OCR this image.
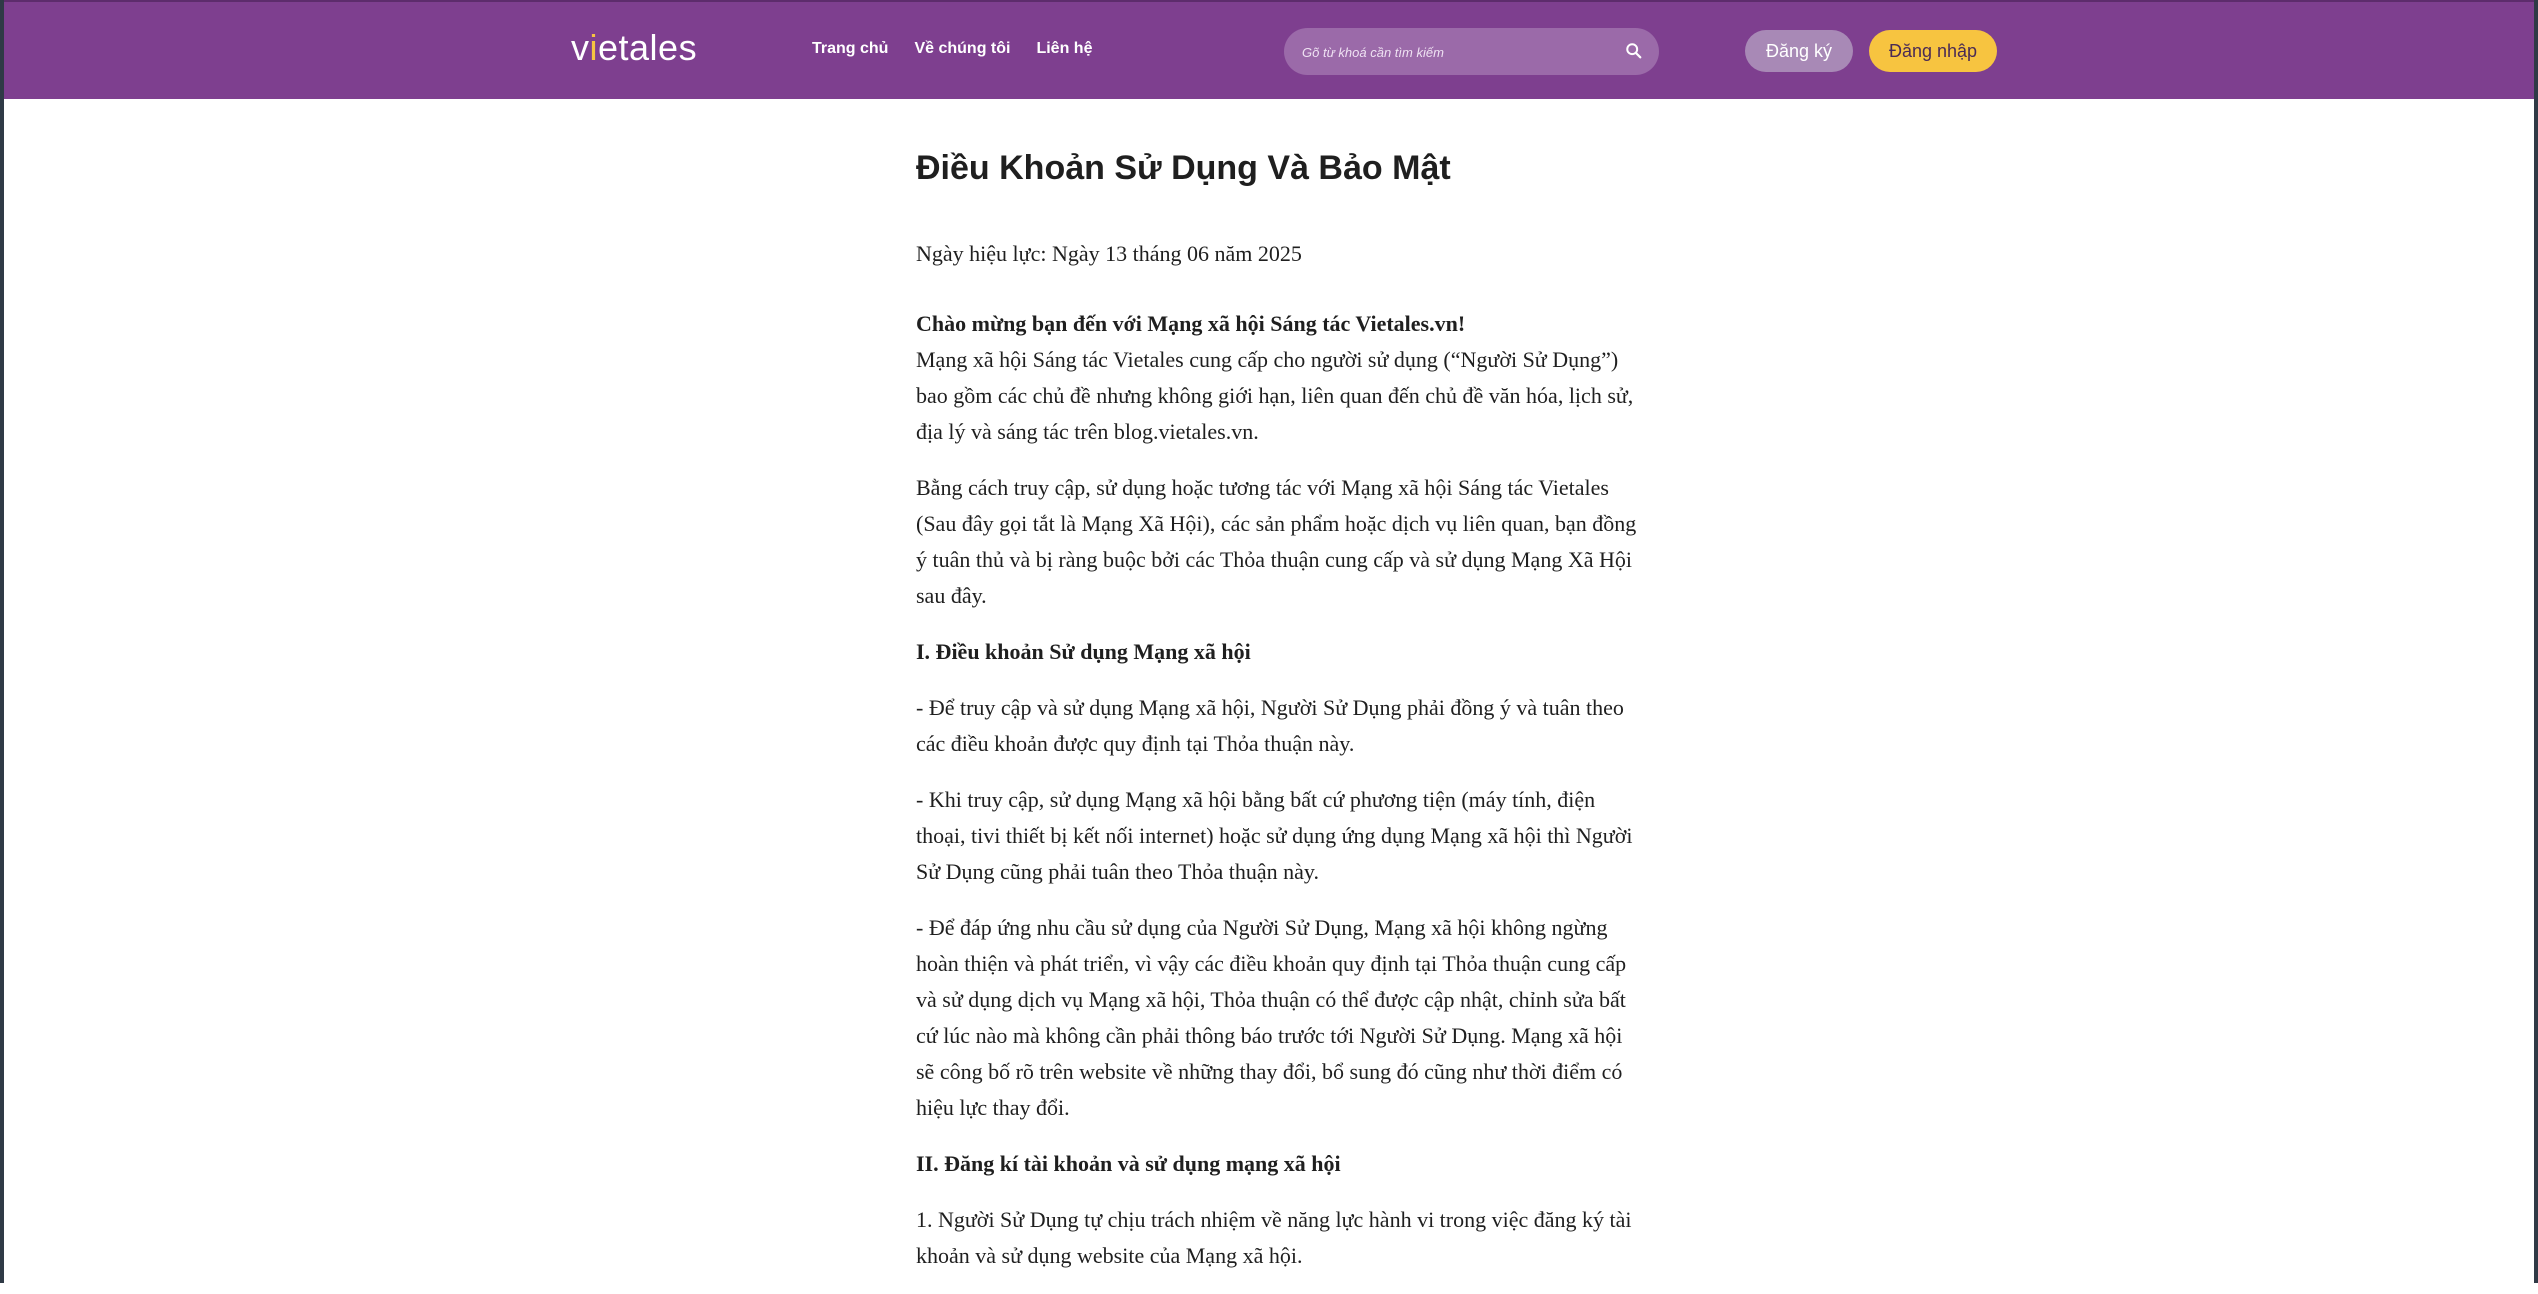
vietales	Trang chủ Về chúng tôi Liên hệ
Gõ từ khoá cần tìm kiếm	Đăng ký	Đăng nhập
Điều Khoản Sử Dụng Và Bảo Mật

Ngày hiệu lực: Ngày 13 tháng 06 năm 2025

Chào mừng bạn đến với Mạng xã hội Sáng tác Vietales.vn!

Mạng xã hội Sáng tác Vietales cung cấp cho người sử dụng (“Người Sử Dụng”) bao gồm các chủ đề nhưng không giới hạn, liên quan đến chủ đề văn hóa, lịch sử, địa lý và sáng tác trên blog.vietales.vn.

Bằng cách truy cập, sử dụng hoặc tương tác với Mạng xã hội Sáng tác Vietales (Sau đây gọi tắt là Mạng Xã Hội), các sản phẩm hoặc dịch vụ liên quan, bạn đồng ý tuân thủ và bị ràng buộc bởi các Thỏa thuận cung cấp và sử dụng Mạng Xã Hội sau đây.

I. Điều khoản Sử dụng Mạng xã hội

- Để truy cập và sử dụng Mạng xã hội, Người Sử Dụng phải đồng ý và tuân theo các điều khoản được quy định tại Thỏa thuận này.

- Khi truy cập, sử dụng Mạng xã hội bằng bất cứ phương tiện (máy tính, điện thoại, tivi thiết bị kết nối internet) hoặc sử dụng ứng dụng Mạng xã hội thì Người Sử Dụng cũng phải tuân theo Thỏa thuận này.

- Để đáp ứng nhu cầu sử dụng của Người Sử Dụng, Mạng xã hội không ngừng hoàn thiện và phát triển, vì vậy các điều khoản quy định tại Thỏa thuận cung cấp và sử dụng dịch vụ Mạng xã hội, Thỏa thuận có thể được cập nhật, chỉnh sửa bất cứ lúc nào mà không cần phải thông báo trước tới Người Sử Dụng. Mạng xã hội sẽ công bố rõ trên website về những thay đổi, bổ sung đó cũng như thời điểm có hiệu lực thay đổi.

II. Đăng kí tài khoản và sử dụng mạng xã hội

1. Người Sử Dụng tự chịu trách nhiệm về năng lực hành vi trong việc đăng ký tài khoản và sử dụng website của Mạng xã hội.
